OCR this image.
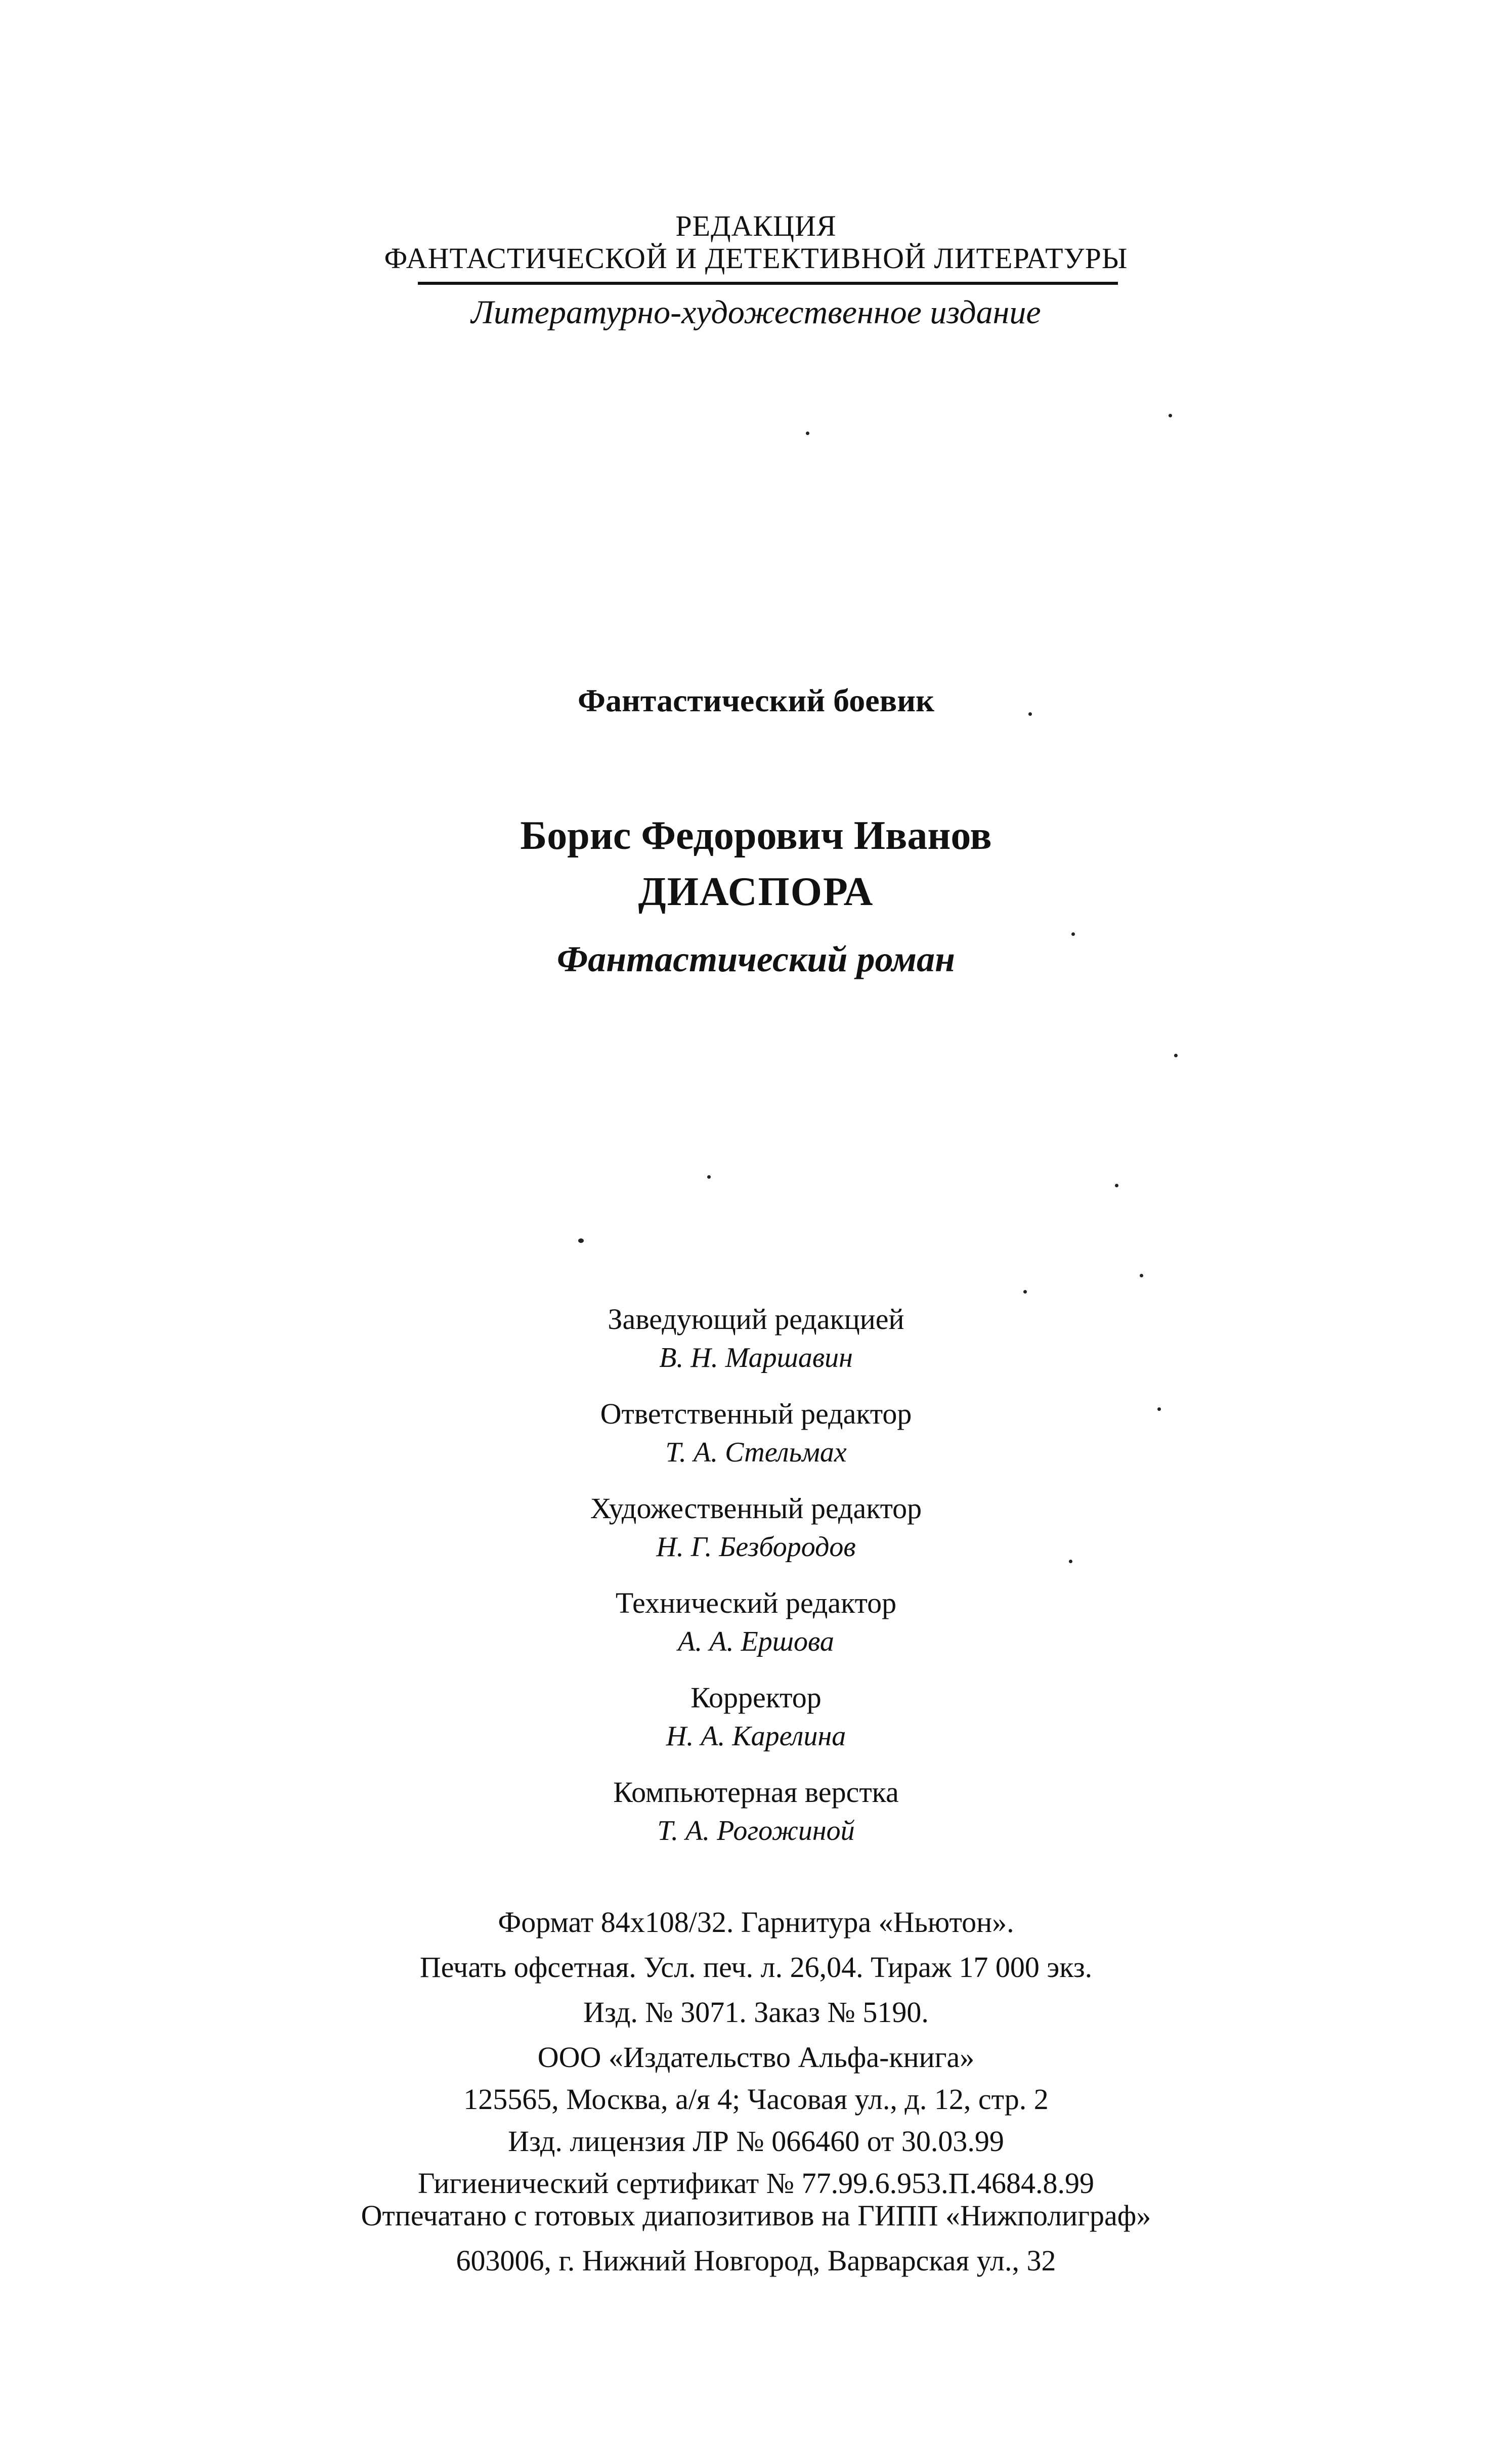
РЕДАКЦИЯ
ФАНТАСТИЧЕСКОЙ И ДЕТЕКТИВНОЙ ЛИТЕРАТУРЫ
Литературно-художественное издание
Фантастический боевик
Борис Федорович Иванов
ДИАСПОРА
Фантастический роман
Заведующий редакцией
В. Н. Маршавин
Ответственный редактор
Т. А. Стельмах
Художественный редактор
Н. Г. Безбородов
Технический редактор
А. А. Ершова
Корректор
Н. А. Карелина
Компьютерная верстка
Т. А. Рогожиной
Формат 84х108/32. Гарнитура «Ньютон».
Печать офсетная. Усл. печ. л. 26,04. Тираж 17 000 экз.
Изд. № 3071. Заказ № 5190.
ООО «Издательство Альфа-книга»
125565, Москва, а/я 4; Часовая ул., д. 12, стр. 2
Изд. лицензия ЛР № 066460 от 30.03.99
Гигиенический сертификат № 77.99.6.953.П.4684.8.99
Отпечатано с готовых диапозитивов на ГИПП «Нижполиграф»
603006, г. Нижний Новгород, Варварская ул., 32
